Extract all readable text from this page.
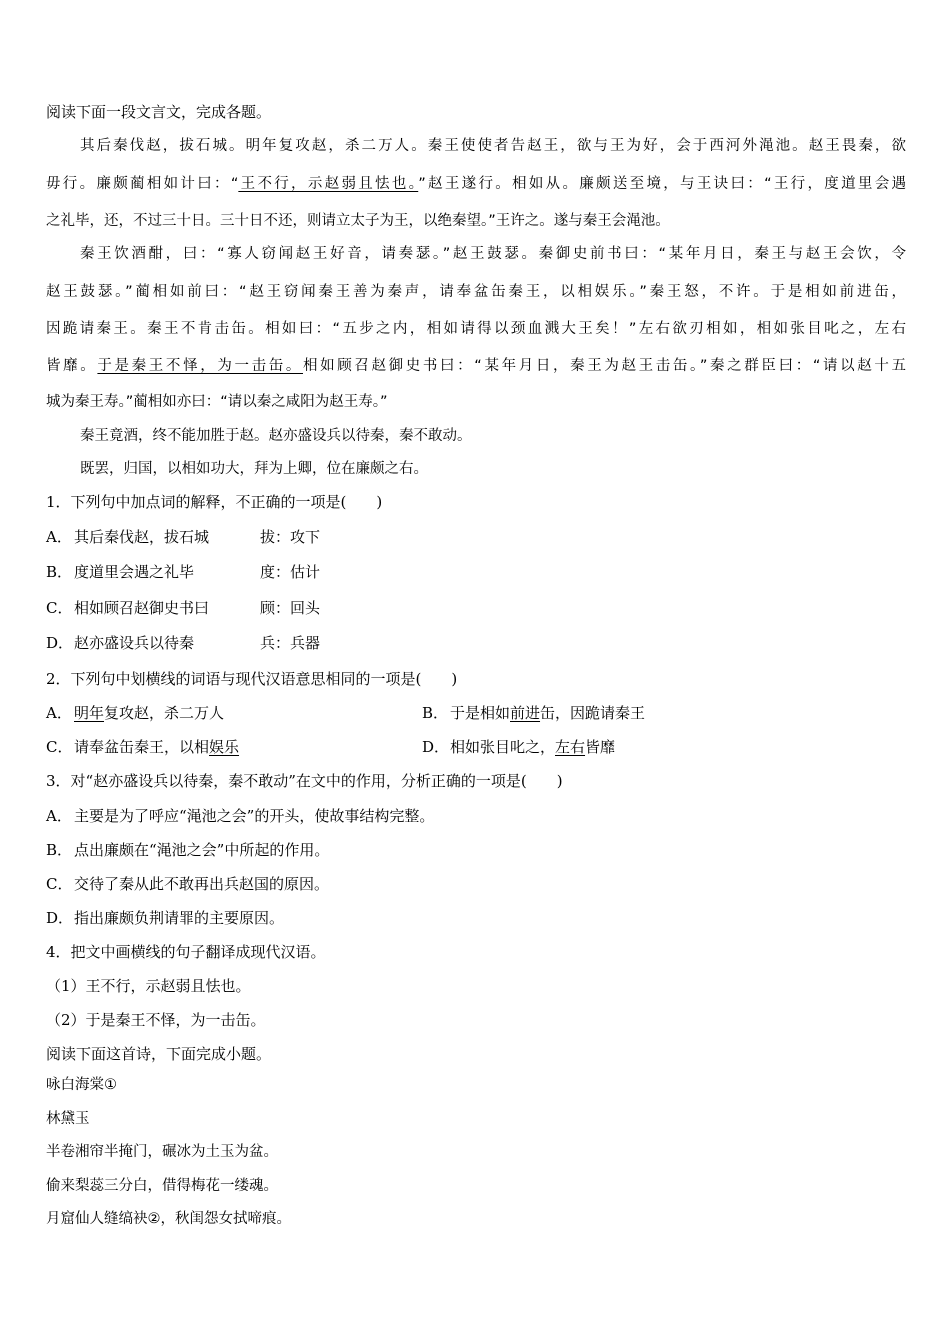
阅读下面一段文言文，完成各题。
其后秦伐赵，拔石城。明年复攻赵，杀二万人。秦王使使者告赵王，欲与王为好，会于西河外渑池。赵王畏秦，欲
毋行。廉颇蔺相如计曰：“王不行，示赵弱且怯也。”赵王遂行。相如从。廉颇送至境，与王诀曰：“王行，度道里会遇
之礼毕，还，不过三十日。三十日不还，则请立太子为王，以绝秦望。”王许之。遂与秦王会渑池。
秦王饮酒酣，曰：“寡人窃闻赵王好音，请奏瑟。”赵王鼓瑟。秦御史前书曰：“某年月日，秦王与赵王会饮，令
赵王鼓瑟。”蔺相如前曰：“赵王窃闻秦王善为秦声，请奉盆缶秦王，以相娱乐。”秦王怒，不许。于是相如前进缶，
因跪请秦王。秦王不肯击缶。相如曰：“五步之内，相如请得以颈血溅大王矣！”左右欲刃相如，相如张目叱之，左右
皆靡。于是秦王不怿，为一击缶。相如顾召赵御史书曰：“某年月日，秦王为赵王击缶。”秦之群臣曰：“请以赵十五
城为秦王寿。”蔺相如亦曰：“请以秦之咸阳为赵王寿。”
秦王竟酒，终不能加胜于赵。赵亦盛设兵以待秦，秦不敢动。
既罢，归国，以相如功大，拜为上卿，位在廉颇之右。
1．下列句中加点词的解释，不正确的一项是(　　)
A． 其后秦伐赵，拔石城	拔：攻下
B． 度道里会遇之礼毕	度：估计
C． 相如顾召赵御史书曰	顾：回头
D．赵亦盛设兵以待秦	兵：兵器
2．下列句中划横线的词语与现代汉语意思相同的一项是(　　)
A． 明年复攻赵，杀二万人	B． 于是相如前进缶，因跪请秦王
C． 请奉盆缶秦王，以相娱乐	D．相如张目叱之，左右皆靡
3．对“赵亦盛设兵以待秦，秦不敢动”在文中的作用，分析正确的一项是(　　)
A． 主要是为了呼应“渑池之会”的开头，使故事结构完整。
B． 点出廉颇在“渑池之会”中所起的作用。
C． 交待了秦从此不敢再出兵赵国的原因。
D．指出廉颇负荆请罪的主要原因。
4．把文中画横线的句子翻译成现代汉语。
（1）王不行，示赵弱且怯也。
（2）于是秦王不怿，为一击缶。
阅读下面这首诗，下面完成小题。
咏白海棠①
林黛玉
半卷湘帘半掩门，碾冰为土玉为盆。
偷来梨蕊三分白，借得梅花一缕魂。
月窟仙人缝缟袂②，秋闺怨女拭啼痕。
